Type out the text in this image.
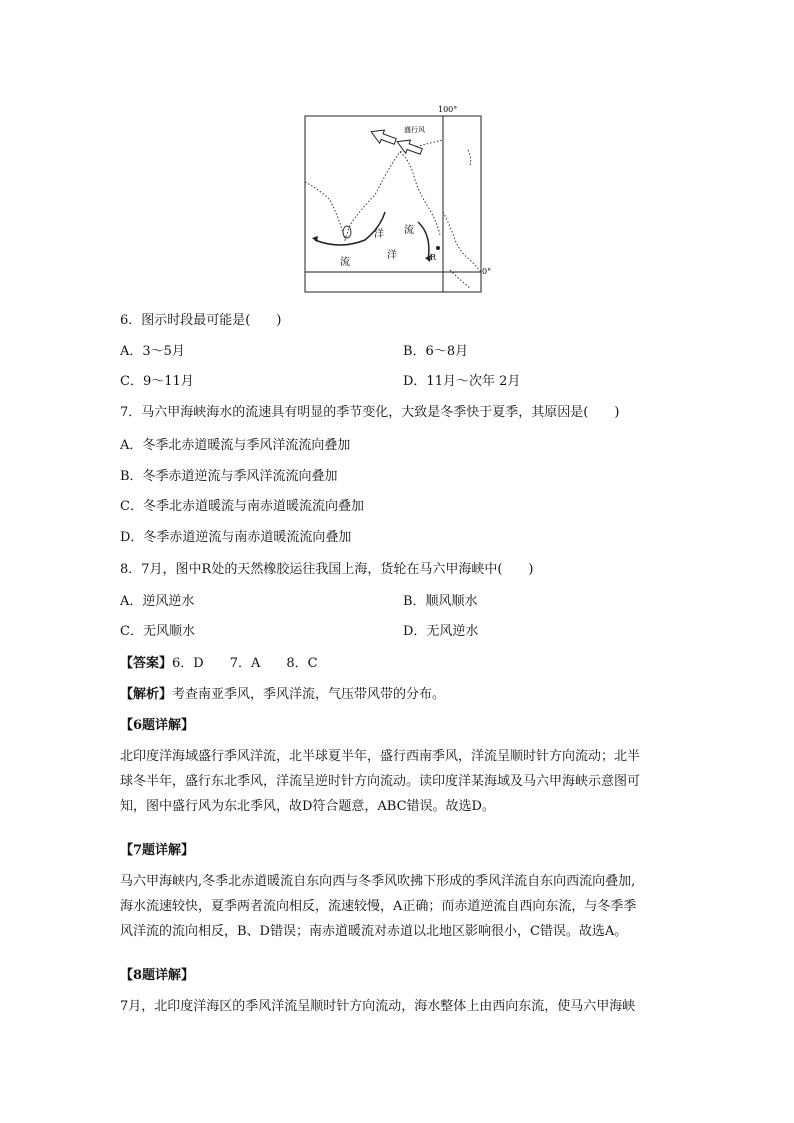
100°
0°
盛行风
流
洋 流
洋	R
6．图示时段最可能是(　　)
A．3～5月	B．6～8月
C．9～11月	D．11月～次年 2月
7．马六甲海峡海水的流速具有明显的季节变化，大致是冬季快于夏季，其原因是(　　)
A．冬季北赤道暖流与季风洋流流向叠加
B．冬季赤道逆流与季风洋流流向叠加
C．冬季北赤道暖流与南赤道暖流流向叠加
D．冬季赤道逆流与南赤道暖流流向叠加
8．7月，图中R处的天然橡胶运往我国上海，货轮在马六甲海峡中(　　)
A．逆风逆水	B．顺风顺水
C．无风顺水	D．无风逆水
【答案】6．D　　7．A　　8．C
【解析】考查南亚季风，季风洋流，气压带风带的分布。
【6题详解】
北印度洋海域盛行季风洋流，北半球夏半年，盛行西南季风，洋流呈顺时针方向流动；北半
球冬半年，盛行东北季风，洋流呈逆时针方向流动。读印度洋某海域及马六甲海峡示意图可
知，图中盛行风为东北季风，故D符合题意，ABC错误。故选D。
【7题详解】
马六甲海峡内,冬季北赤道暖流自东向西与冬季风吹拂下形成的季风洋流自东向西流向叠加,
海水流速较快，夏季两者流向相反，流速较慢，A正确；而赤道逆流自西向东流，与冬季季
风洋流的流向相反，B、D错误；南赤道暖流对赤道以北地区影响很小，C错误。故选A。
【8题详解】
7月，北印度洋海区的季风洋流呈顺时针方向流动，海水整体上由西向东流，使马六甲海峡
